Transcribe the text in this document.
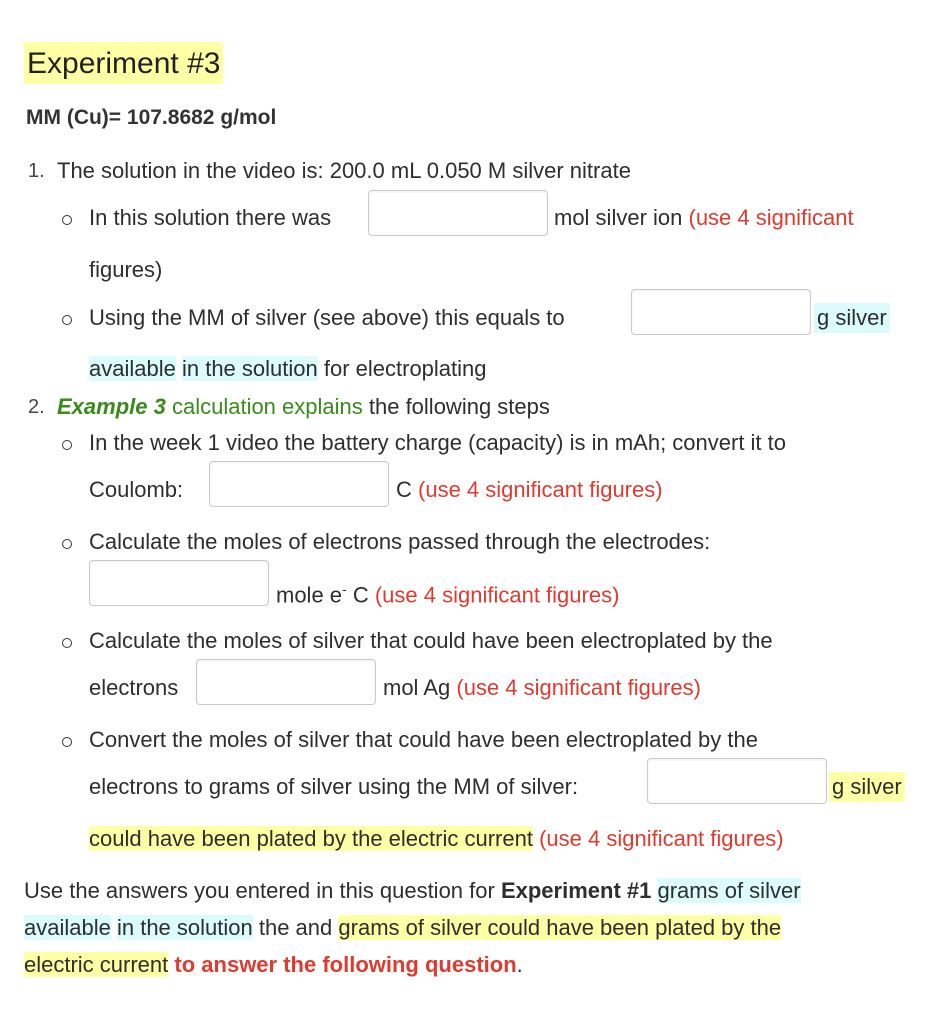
Experiment #3
MM (Cu)= 107.8682 g/mol
1. The solution in the video is: 200.0 mL 0.050 M silver nitrate
In this solution there was	mol silver ion (use 4 significant
figures)
Using the MM of silver (see above) this equals to	g silver
available in the solution for electroplating
2. Example 3 calculation explains the following steps
In the week 1 video the battery charge (capacity) is in mAh; convert it to
Coulomb:	C (use 4 significant figures)
Calculate the moles of electrons passed through the electrodes:
mole e- C (use 4 significant figures)
Calculate the moles of silver that could have been electroplated by the
electrons	mol Ag (use 4 significant figures)
Convert the moles of silver that could have been electroplated by the
electrons to grams of silver using the MM of silver:	g silver
could have been plated by the electric current (use 4 significant figures)
Use the answers you entered in this question for Experiment #1 grams of silver
available in the solution the and grams of silver could have been plated by the
electric current to answer the following question.
